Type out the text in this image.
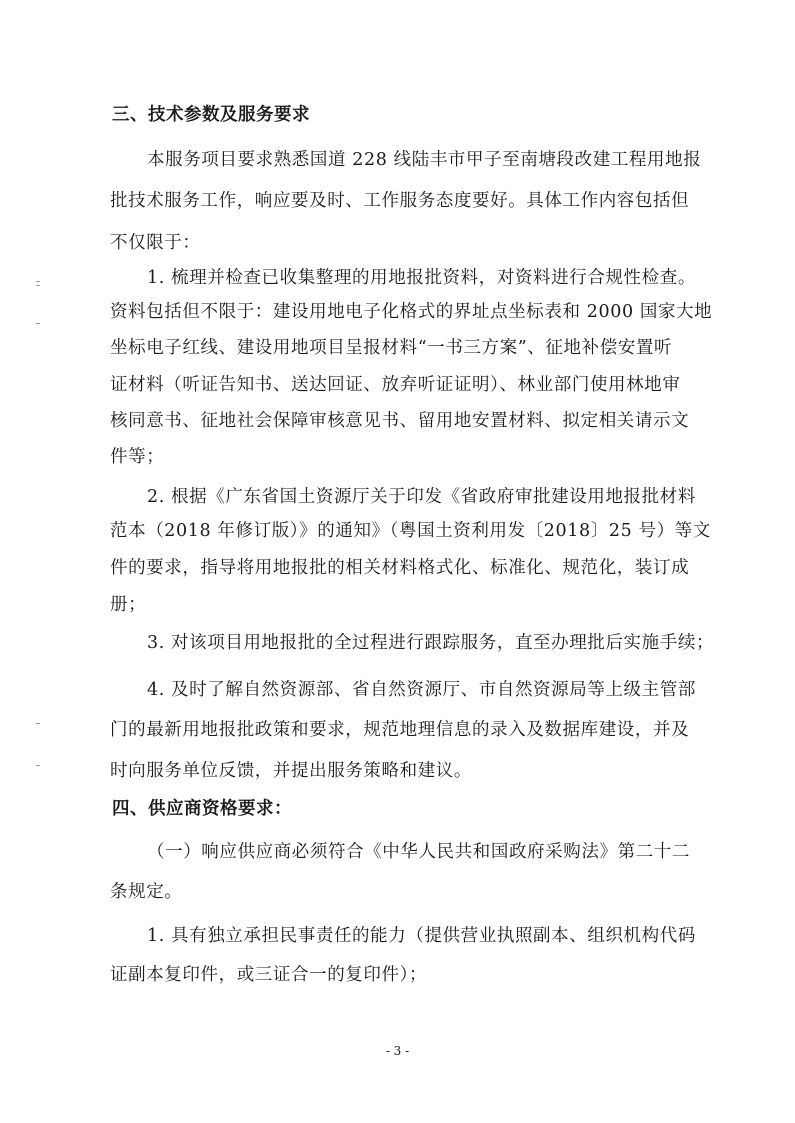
三、技术参数及服务要求
本服务项目要求熟悉国道 228 线陆丰市甲子至南塘段改建工程用地报
批技术服务工作，响应要及时、工作服务态度要好。具体工作内容包括但
不仅限于：
1. 梳理并检查已收集整理的用地报批资料，对资料进行合规性检查。
资料包括但不限于：建设用地电子化格式的界址点坐标表和 2000 国家大地
坐标电子红线、建设用地项目呈报材料“一书三方案”、征地补偿安置听
证材料（听证告知书、送达回证、放弃听证证明）、林业部门使用林地审
核同意书、征地社会保障审核意见书、留用地安置材料、拟定相关请示文
件等；
2. 根据《广东省国土资源厅关于印发《省政府审批建设用地报批材料
范本（2018 年修订版）》的通知》（粤国土资利用发〔2018〕25 号）等文
件的要求，指导将用地报批的相关材料格式化、标准化、规范化，装订成
册；
3. 对该项目用地报批的全过程进行跟踪服务，直至办理批后实施手续；
4. 及时了解自然资源部、省自然资源厅、市自然资源局等上级主管部
门的最新用地报批政策和要求，规范地理信息的录入及数据库建设，并及
时向服务单位反馈，并提出服务策略和建议。
四、供应商资格要求：
（一）响应供应商必须符合《中华人民共和国政府采购法》第二十二
条规定。
1. 具有独立承担民事责任的能力（提供营业执照副本、组织机构代码
证副本复印件，或三证合一的复印件）；
- 3 -
